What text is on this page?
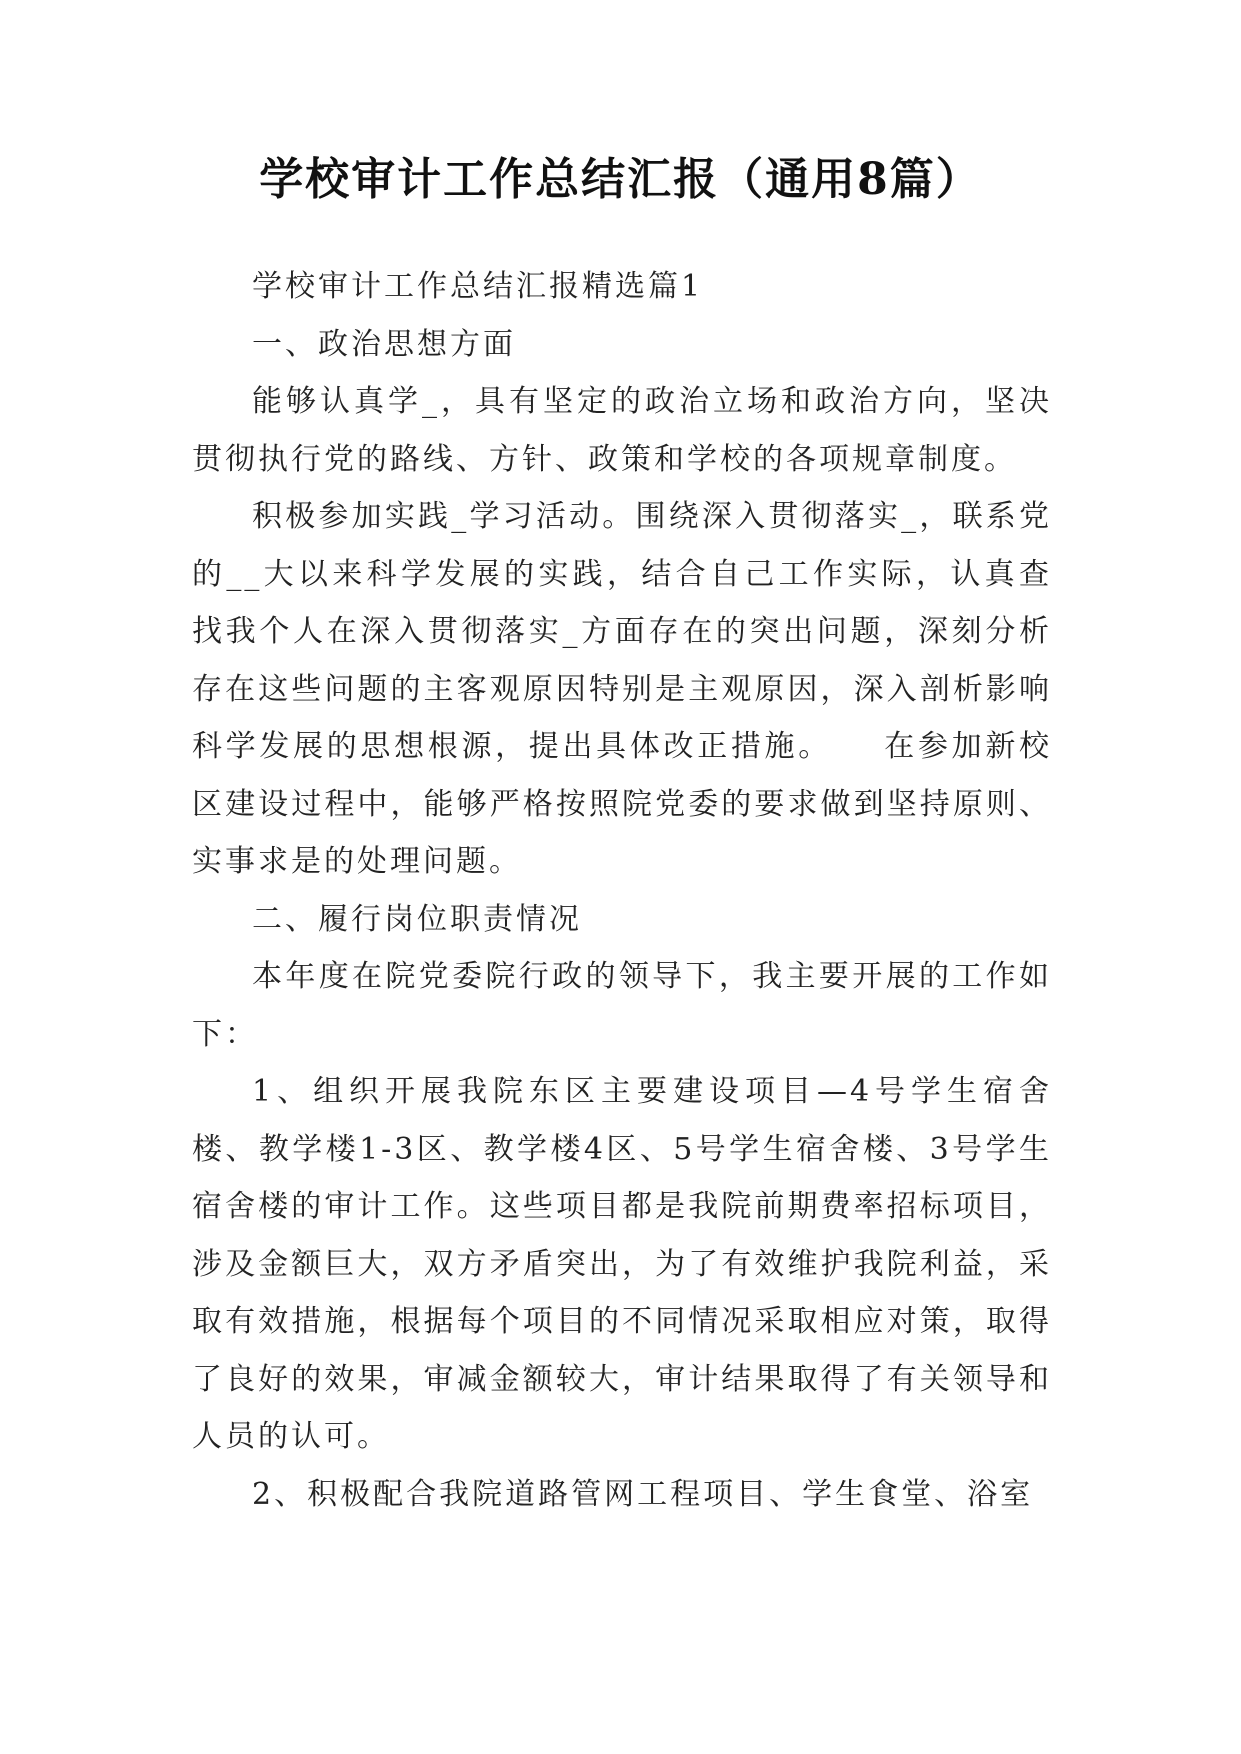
学校审计工作总结汇报（通用8篇）

学校审计工作总结汇报精选篇1

一、政治思想方面

能够认真学_，具有坚定的政治立场和政治方向，坚决贯彻执行党的路线、方针、政策和学校的各项规章制度。

积极参加实践_学习活动。围绕深入贯彻落实_，联系党的__大以来科学发展的实践，结合自己工作实际，认真查找我个人在深入贯彻落实_方面存在的突出问题，深刻分析存在这些问题的主客观原因特别是主观原因，深入剖析影响科学发展的思想根源，提出具体改正措施。　　在参加新校区建设过程中，能够严格按照院党委的要求做到坚持原则、实事求是的处理问题。

二、履行岗位职责情况

本年度在院党委院行政的领导下，我主要开展的工作如下：

1、组织开展我院东区主要建设项目—4号学生宿舍楼、教学楼1-3区、教学楼4区、5号学生宿舍楼、3号学生宿舍楼的审计工作。这些项目都是我院前期费率招标项目，涉及金额巨大，双方矛盾突出，为了有效维护我院利益，采取有效措施，根据每个项目的不同情况采取相应对策，取得了良好的效果，审减金额较大，审计结果取得了有关领导和人员的认可。

2、积极配合我院道路管网工程项目、学生食堂、浴室
